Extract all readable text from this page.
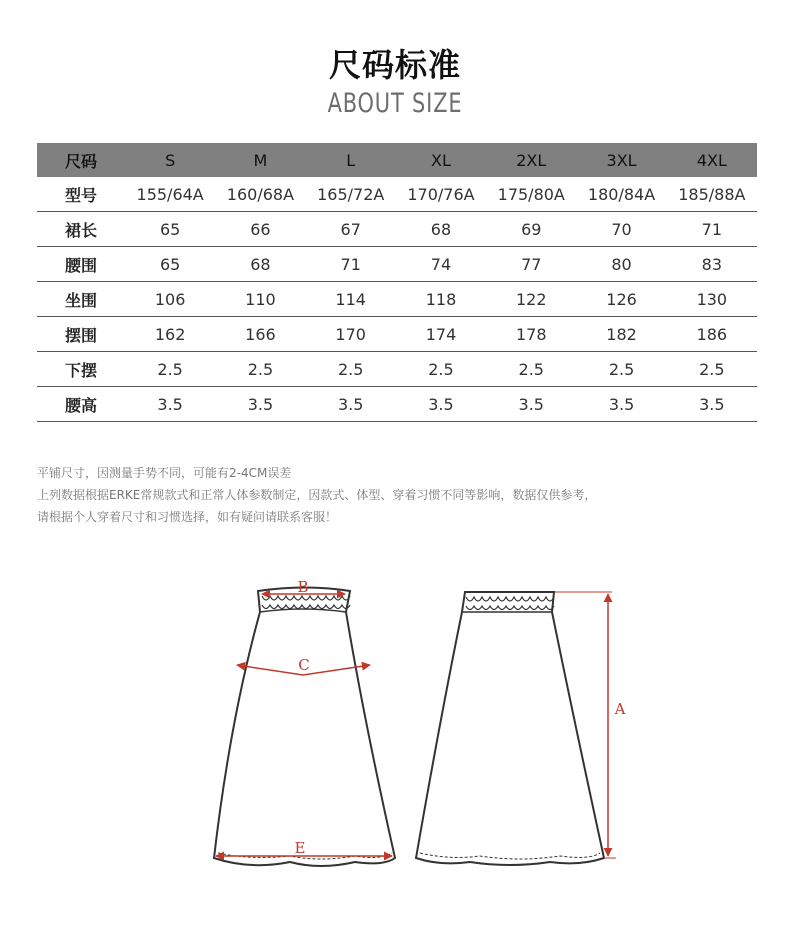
尺码标准
ABOUT SIZE
尺码	S	M	L	XL	2XL	3XL	4XL
型号	155/64A	160/68A	165/72A	170/76A	175/80A	180/84A	185/88A
裙长	65	66	67	68	69	70	71
腰围	65	68	71	74	77	80	83
坐围	106	110	114	118	122	126	130
摆围	162	166	170	174	178	182	186
下摆	2.5	2.5	2.5	2.5	2.5	2.5	2.5
腰高	3.5	3.5	3.5	3.5	3.5	3.5	3.5
平铺尺寸，因测量手势不同，可能有2-4CM误差
上列数据根据ERKE常规款式和正常人体参数制定，因款式、体型、穿着习惯不同等影响，数据仅供参考，
请根据个人穿着尺寸和习惯选择，如有疑问请联系客服！
B
C
E
A
